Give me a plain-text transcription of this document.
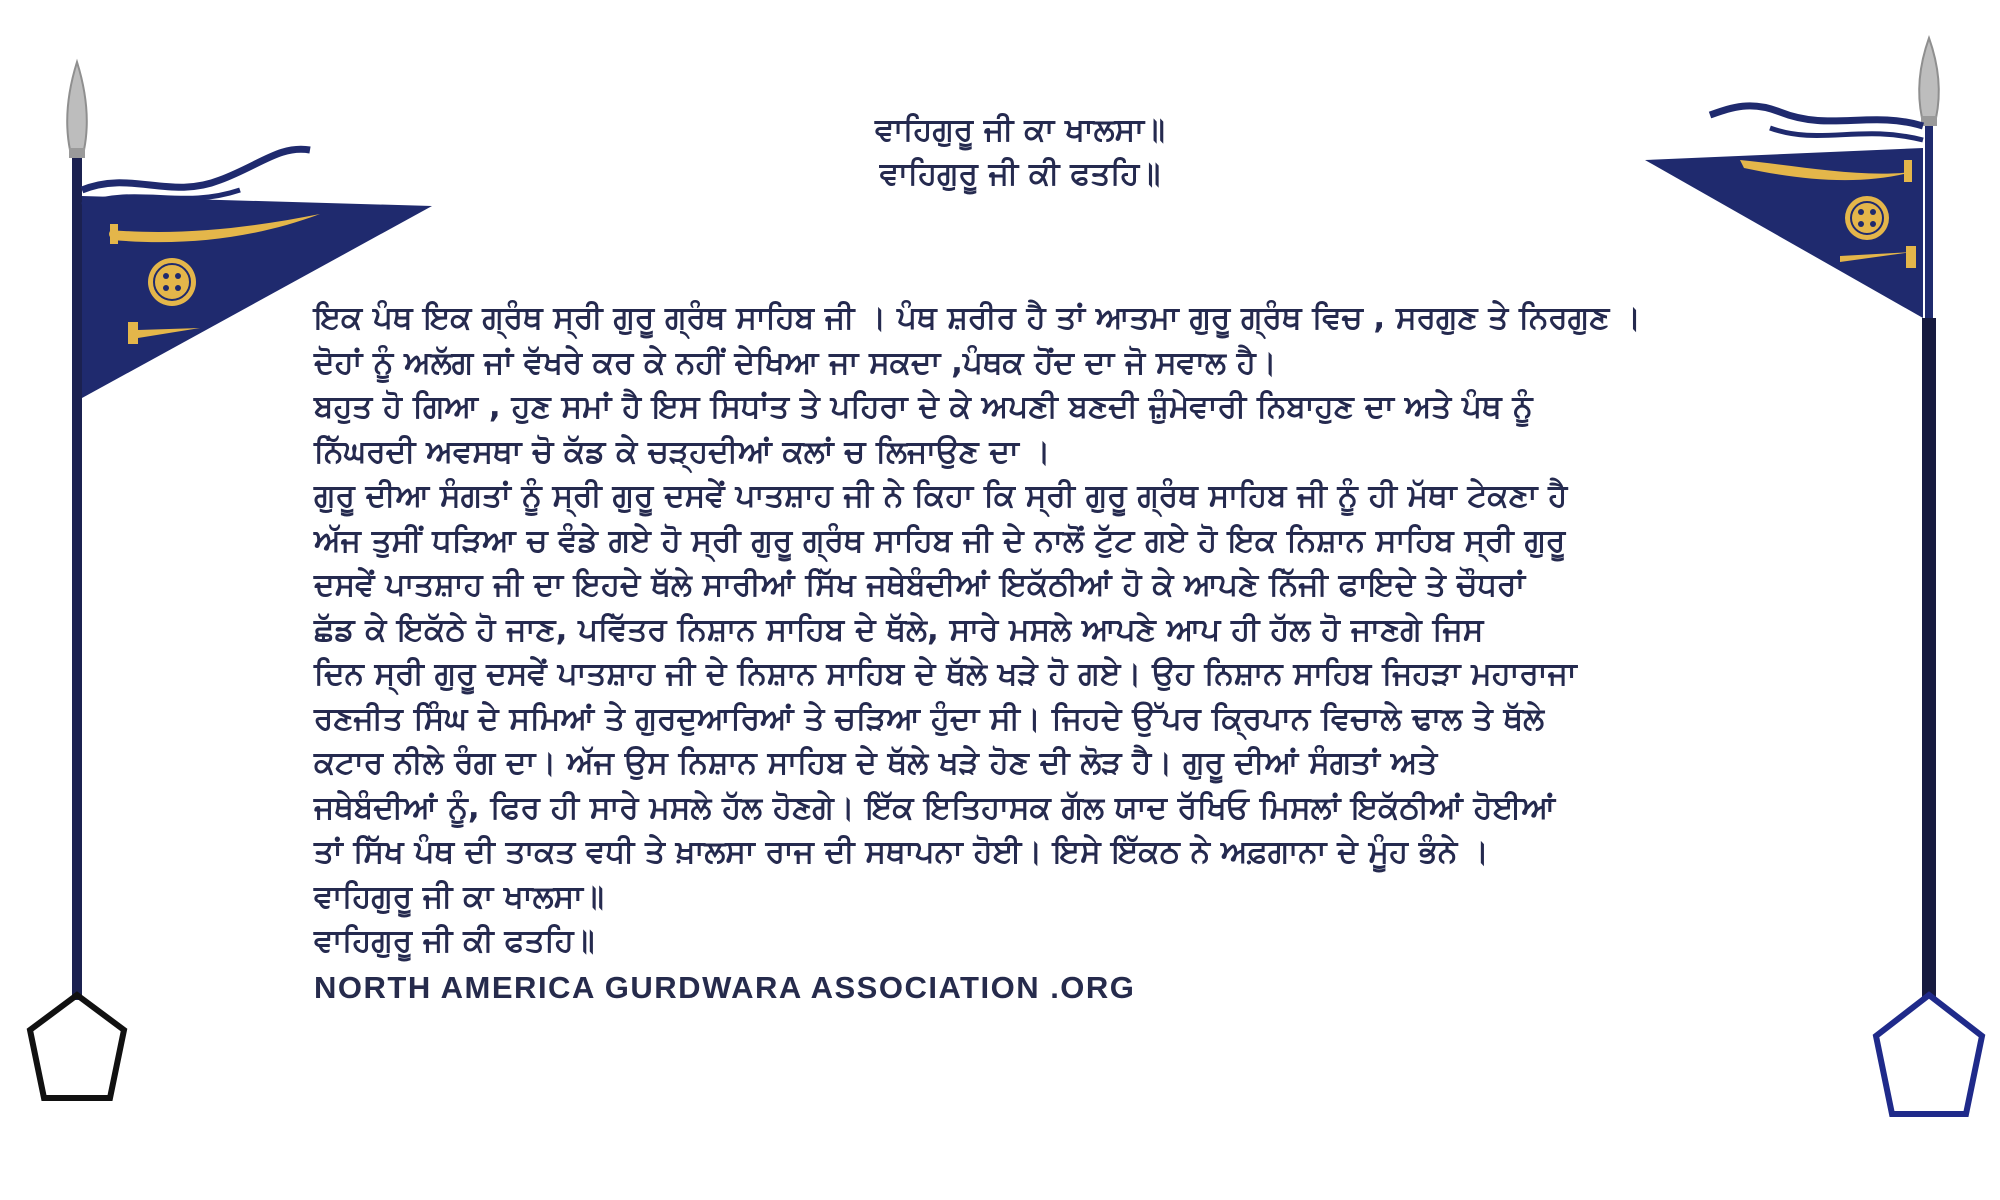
ਵਾਹਿਗੁਰੂ ਜੀ ਕਾ ਖਾਲਸਾ॥
ਵਾਹਿਗੁਰੂ ਜੀ ਕੀ ਫਤਹਿ॥
ਇਕ ਪੰਥ ਇਕ ਗ੍ਰੰਥ ਸ੍ਰੀ ਗੁਰੂ ਗ੍ਰੰਥ ਸਾਹਿਬ ਜੀ । ਪੰਥ ਸ਼ਰੀਰ ਹੈ ਤਾਂ ਆਤਮਾ ਗੁਰੂ ਗ੍ਰੰਥ ਵਿਚ , ਸਰਗੁਣ ਤੇ ਨਿਰਗੁਣ ।
ਦੋਹਾਂ ਨੂੰ ਅਲੱਗ ਜਾਂ ਵੱਖਰੇ ਕਰ ਕੇ ਨਹੀਂ ਦੇਖਿਆ ਜਾ ਸਕਦਾ ,ਪੰਥਕ ਹੋਂਦ ਦਾ ਜੋ ਸਵਾਲ ਹੈ।
ਬਹੁਤ ਹੋ ਗਿਆ , ਹੁਣ ਸਮਾਂ ਹੈ ਇਸ ਸਿਧਾਂਤ ਤੇ ਪਹਿਰਾ ਦੇ ਕੇ ਅਪਣੀ ਬਣਦੀ ਜ਼ੁੰਮੇਵਾਰੀ ਨਿਬਾਹੁਣ ਦਾ ਅਤੇ ਪੰਥ ਨੂੰ
ਨਿੱਘਰਦੀ ਅਵਸਥਾ ਚੋ ਕੱਡ ਕੇ ਚੜ੍ਹਦੀਆਂ ਕਲਾਂ ਚ ਲਿਜਾਉਣ ਦਾ ।
ਗੁਰੂ ਦੀਆ ਸੰਗਤਾਂ ਨੂੰ ਸ੍ਰੀ ਗੁਰੂ ਦਸਵੇਂ ਪਾਤਸ਼ਾਹ ਜੀ ਨੇ ਕਿਹਾ ਕਿ ਸ੍ਰੀ ਗੁਰੂ ਗ੍ਰੰਥ ਸਾਹਿਬ ਜੀ ਨੂੰ ਹੀ ਮੱਥਾ ਟੇਕਣਾ ਹੈ
ਅੱਜ ਤੁਸੀਂ ਧੜਿਆ ਚ ਵੰਡੇ ਗਏ ਹੋ ਸ੍ਰੀ ਗੁਰੂ ਗ੍ਰੰਥ ਸਾਹਿਬ ਜੀ ਦੇ ਨਾਲੋਂ ਟੁੱਟ ਗਏ ਹੋ ਇਕ ਨਿਸ਼ਾਨ ਸਾਹਿਬ ਸ੍ਰੀ ਗੁਰੂ
ਦਸਵੇਂ ਪਾਤਸ਼ਾਹ ਜੀ ਦਾ ਇਹਦੇ ਥੱਲੇ ਸਾਰੀਆਂ ਸਿੱਖ ਜਥੇਬੰਦੀਆਂ ਇਕੱਠੀਆਂ ਹੋ ਕੇ ਆਪਣੇ ਨਿੱਜੀ ਫਾਇਦੇ ਤੇ ਚੌਧਰਾਂ
ਛੱਡ ਕੇ ਇਕੱਠੇ ਹੋ ਜਾਣ, ਪਵਿੱਤਰ ਨਿਸ਼ਾਨ ਸਾਹਿਬ ਦੇ ਥੱਲੇ, ਸਾਰੇ ਮਸਲੇ ਆਪਣੇ ਆਪ ਹੀ ਹੱਲ ਹੋ ਜਾਣਗੇ ਜਿਸ
ਦਿਨ ਸ੍ਰੀ ਗੁਰੂ ਦਸਵੇਂ ਪਾਤਸ਼ਾਹ ਜੀ ਦੇ ਨਿਸ਼ਾਨ ਸਾਹਿਬ ਦੇ ਥੱਲੇ ਖੜੇ ਹੋ ਗਏ। ਉਹ ਨਿਸ਼ਾਨ ਸਾਹਿਬ ਜਿਹੜਾ ਮਹਾਰਾਜਾ
ਰਣਜੀਤ ਸਿੰਘ ਦੇ ਸਮਿਆਂ ਤੇ ਗੁਰਦੁਆਰਿਆਂ ਤੇ ਚੜਿਆ ਹੁੰਦਾ ਸੀ। ਜਿਹਦੇ ਉੱਪਰ ਕ੍ਰਿਪਾਨ ਵਿਚਾਲੇ ਢਾਲ ਤੇ ਥੱਲੇ
ਕਟਾਰ ਨੀਲੇ ਰੰਗ ਦਾ। ਅੱਜ ਉਸ ਨਿਸ਼ਾਨ ਸਾਹਿਬ ਦੇ ਥੱਲੇ ਖੜੇ ਹੋਣ ਦੀ ਲੋੜ ਹੈ। ਗੁਰੂ ਦੀਆਂ ਸੰਗਤਾਂ ਅਤੇ
ਜਥੇਬੰਦੀਆਂ ਨੂੰ, ਫਿਰ ਹੀ ਸਾਰੇ ਮਸਲੇ ਹੱਲ ਹੋਣਗੇ। ਇੱਕ ਇਤਿਹਾਸਕ ਗੱਲ ਯਾਦ ਰੱਖਿਓ ਮਿਸਲਾਂ ਇਕੱਠੀਆਂ ਹੋਈਆਂ
ਤਾਂ ਸਿੱਖ ਪੰਥ ਦੀ ਤਾਕਤ ਵਧੀ ਤੇ ਖ਼ਾਲਸਾ ਰਾਜ ਦੀ ਸਥਾਪਨਾ ਹੋਈ। ਇਸੇ ਇੱਕਠ ਨੇ ਅਫ਼ਗਾਨਾ ਦੇ ਮੂੰਹ ਭੰਨੇ ।
ਵਾਹਿਗੁਰੂ ਜੀ ਕਾ ਖਾਲਸਾ॥
ਵਾਹਿਗੁਰੂ ਜੀ ਕੀ ਫਤਹਿ॥
NORTH AMERICA GURDWARA ASSOCIATION .ORG
